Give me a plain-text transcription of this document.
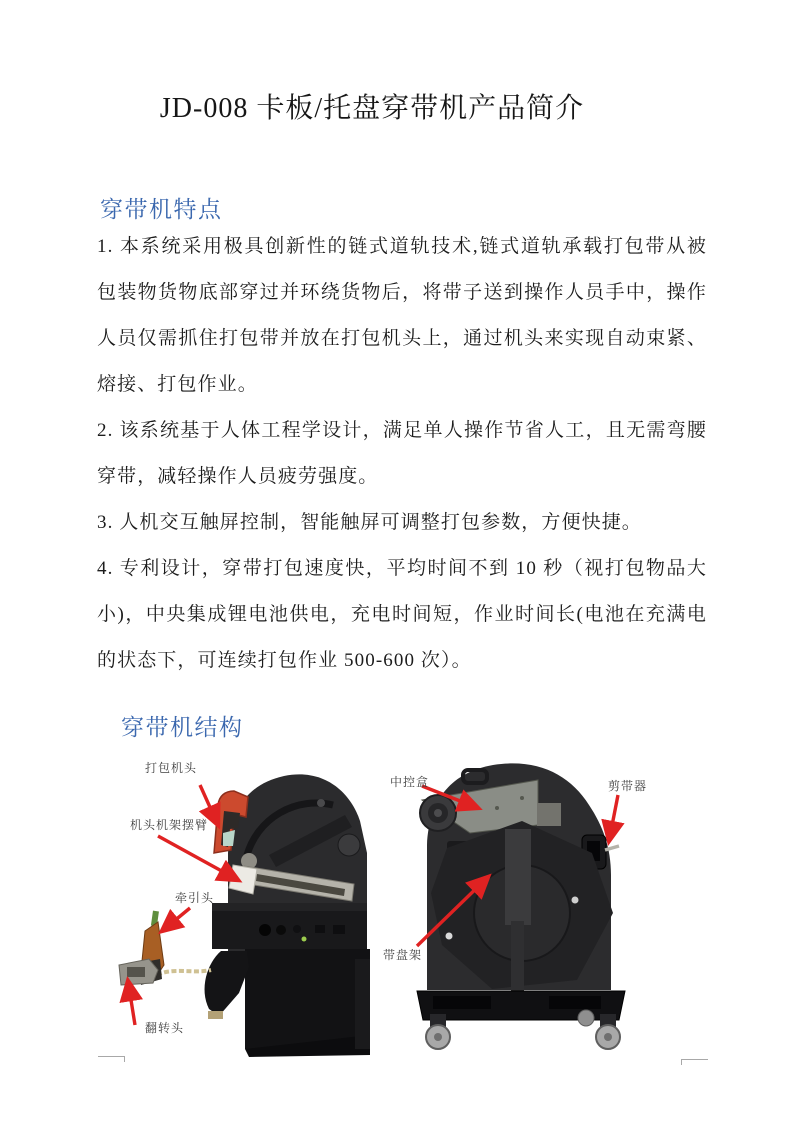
JD-008 卡板/托盘穿带机产品简介
穿带机特点

1. 本系统采用极具创新性的链式道轨技术,链式道轨承载打包带从被包装物货物底部穿过并环绕货物后，将带子送到操作人员手中，操作人员仅需抓住打包带并放在打包机头上，通过机头来实现自动束紧、熔接、打包作业。

2. 该系统基于人体工程学设计，满足单人操作节省人工，且无需弯腰穿带，减轻操作人员疲劳强度。

3. 人机交互触屏控制，智能触屏可调整打包参数，方便快捷。

4. 专利设计，穿带打包速度快，平均时间不到 10 秒（视打包物品大小)，中央集成锂电池供电，充电时间短，作业时间长(电池在充满电的状态下，可连续打包作业 500-600 次）。

穿带机结构
打包机头
机头机架摆臂
牵引头
翻转头
中控盒	剪带器
带盘架
